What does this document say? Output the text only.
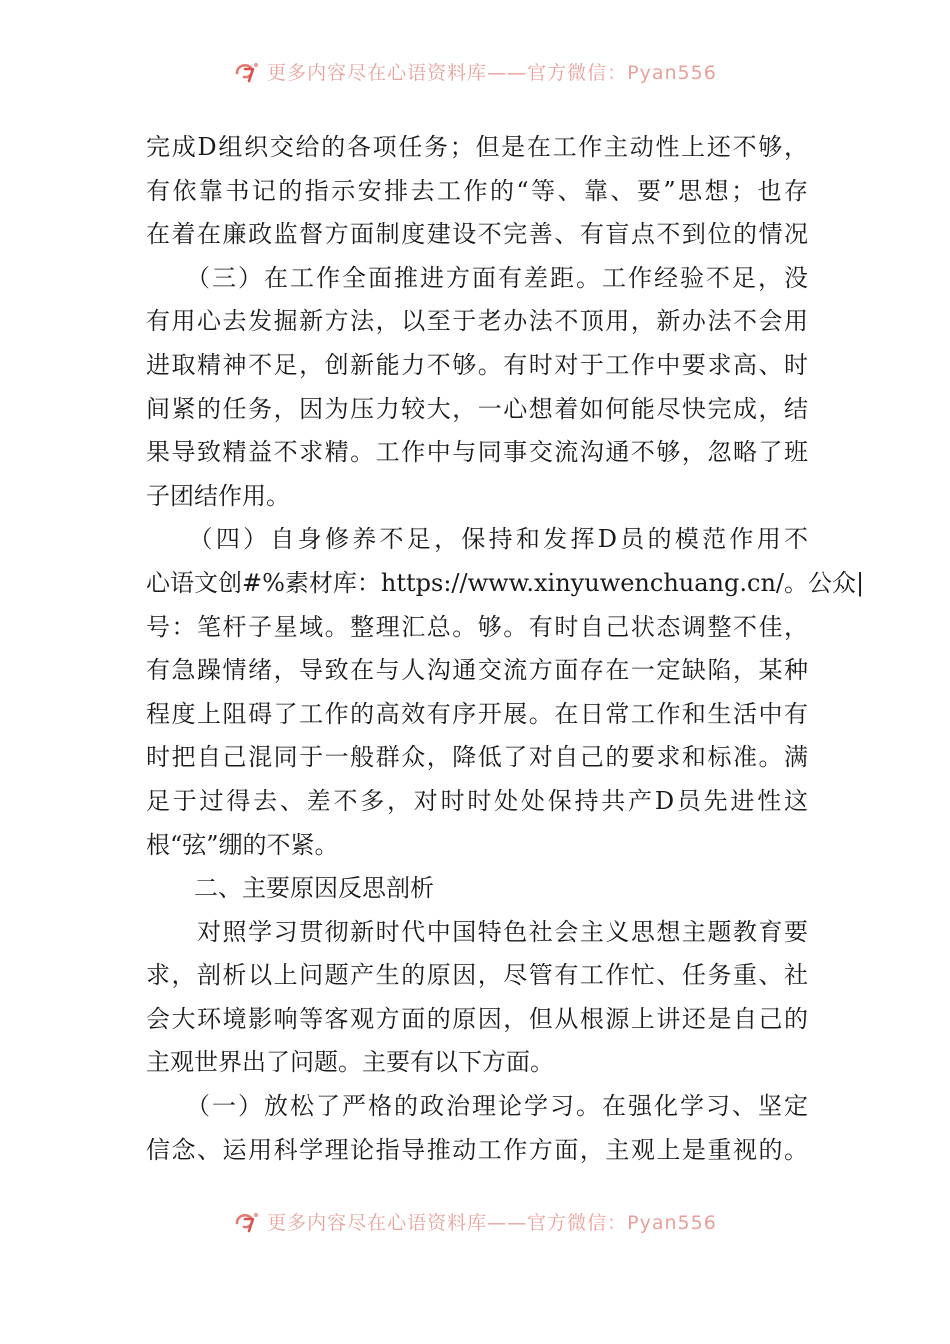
更多内容尽在心语资料库——官方微信：Pyan556
完成D组织交给的各项任务；但是在工作主动性上还不够，
有依靠书记的指示安排去工作的“等、靠、要”思想；也存
在着在廉政监督方面制度建设不完善、有盲点不到位的情况
　　（三）在工作全面推进方面有差距。工作经验不足，没
有用心去发掘新方法，以至于老办法不顶用，新办法不会用
进取精神不足，创新能力不够。有时对于工作中要求高、时
间紧的任务，因为压力较大，一心想着如何能尽快完成，结
果导致精益不求精。工作中与同事交流沟通不够，忽略了班
子团结作用。
　　（四）自身修养不足，保持和发挥D员的模范作用不
心语文创#%素材库：https://www.xinyuwenchuang.cn/。公众|
号：笔杆子星域。整理汇总。够。有时自己状态调整不佳，
有急躁情绪，导致在与人沟通交流方面存在一定缺陷，某种
程度上阻碍了工作的高效有序开展。在日常工作和生活中有
时把自己混同于一般群众，降低了对自己的要求和标准。满
足于过得去、差不多，对时时处处保持共产D员先进性这
根“弦”绷的不紧。
　　二、主要原因反思剖析
　　对照学习贯彻新时代中国特色社会主义思想主题教育要
求，剖析以上问题产生的原因，尽管有工作忙、任务重、社
会大环境影响等客观方面的原因，但从根源上讲还是自己的
主观世界出了问题。主要有以下方面。
　　（一）放松了严格的政治理论学习。在强化学习、坚定
信念、运用科学理论指导推动工作方面，主观上是重视的。
更多内容尽在心语资料库——官方微信：Pyan556
